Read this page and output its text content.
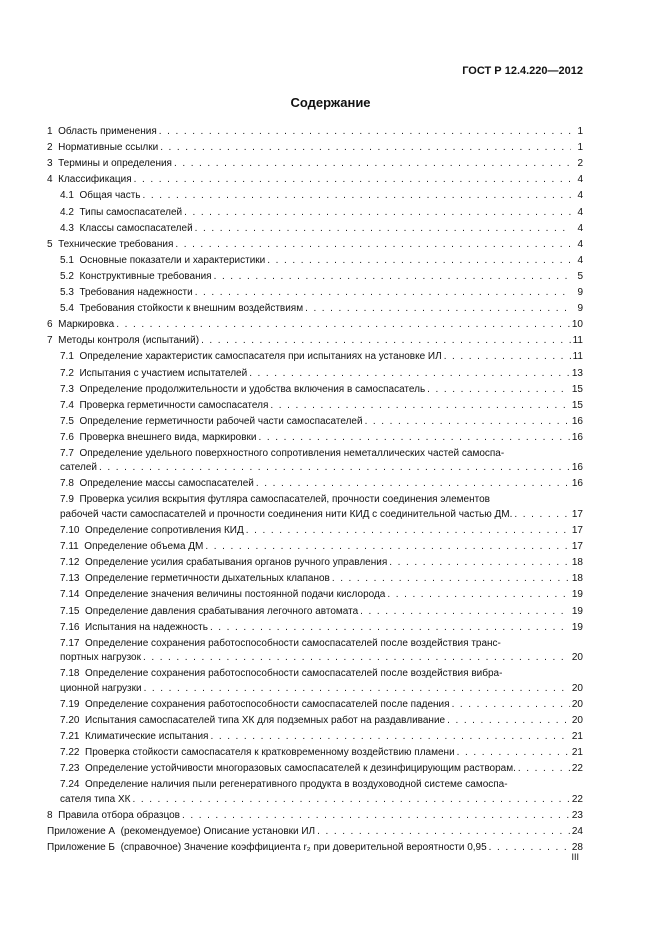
ГОСТ Р 12.4.220—2012
Содержание
1 Область применения . . .	1
2 Нормативные ссылки . . .	1
3 Термины и определения . . .	2
4 Классификация . . .	4
4.1 Общая часть . . .	4
4.2 Типы самоспасателей . . .	4
4.3 Классы самоспасателей . . .	4
5 Технические требования . . .	4
5.1 Основные показатели и характеристики . . .	4
5.2 Конструктивные требования . . .	5
5.3 Требования надежности . . .	9
5.4 Требования стойкости к внешним воздействиям . . .	9
6 Маркировка . . .	10
7 Методы контроля (испытаний) . . .	11
7.1 Определение характеристик самоспасателя при испытаниях на установке ИЛ . . .	11
7.2 Испытания с участием испытателей . . .	13
7.3 Определение продолжительности и удобства включения в самоспасатель . . .	15
7.4 Проверка герметичности самоспасателя . . .	15
7.5 Определение герметичности рабочей части самоспасателей . . .	16
7.6 Проверка внешнего вида, маркировки . . .	16
7.7 Определение удельного поверхностного сопротивления неметаллических частей самоспа-
сателей . . .	16
7.8 Определение массы самоспасателей . . .	16
7.9 Проверка усилия вскрытия футляра самоспасателей, прочности соединения элементов
рабочей части самоспасателей и прочности соединения нити КИД с соединительной частью ДМ. . . .	17
7.10 Определение сопротивления КИД . . .	17
7.11 Определение объема ДМ . . .	17
7.12 Определение усилия срабатывания органов ручного управления . . .	18
7.13 Определение герметичности дыхательных клапанов . . .	18
7.14 Определение значения величины постоянной подачи кислорода . . .	19
7.15 Определение давления срабатывания легочного автомата . . .	19
7.16 Испытания на надежность . . .	19
7.17 Определение сохранения работоспособности самоспасателей после воздействия транс-
портных нагрузок . . .	20
7.18 Определение сохранения работоспособности самоспасателей после воздействия вибра-
ционной нагрузки . . .	20
7.19 Определение сохранения работоспособности самоспасателей после падения . . .	20
7.20 Испытания самоспасателей типа ХК для подземных работ на раздавливание . . .	20
7.21  Климатические испытания . . .	21
7.22 Проверка стойкости самоспасателя к кратковременному воздействию пламени . . .	21
7.23 Определение устойчивости многоразовых самоспасателей к дезинфицирующим растворам. . . .	22
7.24 Определение наличия пыли регенеративного продукта в воздуховодной системе самоспа-
сателя типа ХК . . .	22
8 Правила отбора образцов . . .	23
Приложение А (рекомендуемое) Описание установки ИЛ . . .	24
Приложение Б (справочное) Значение коэффициента r₂ при доверительной вероятности 0,95 . . .	28
III
